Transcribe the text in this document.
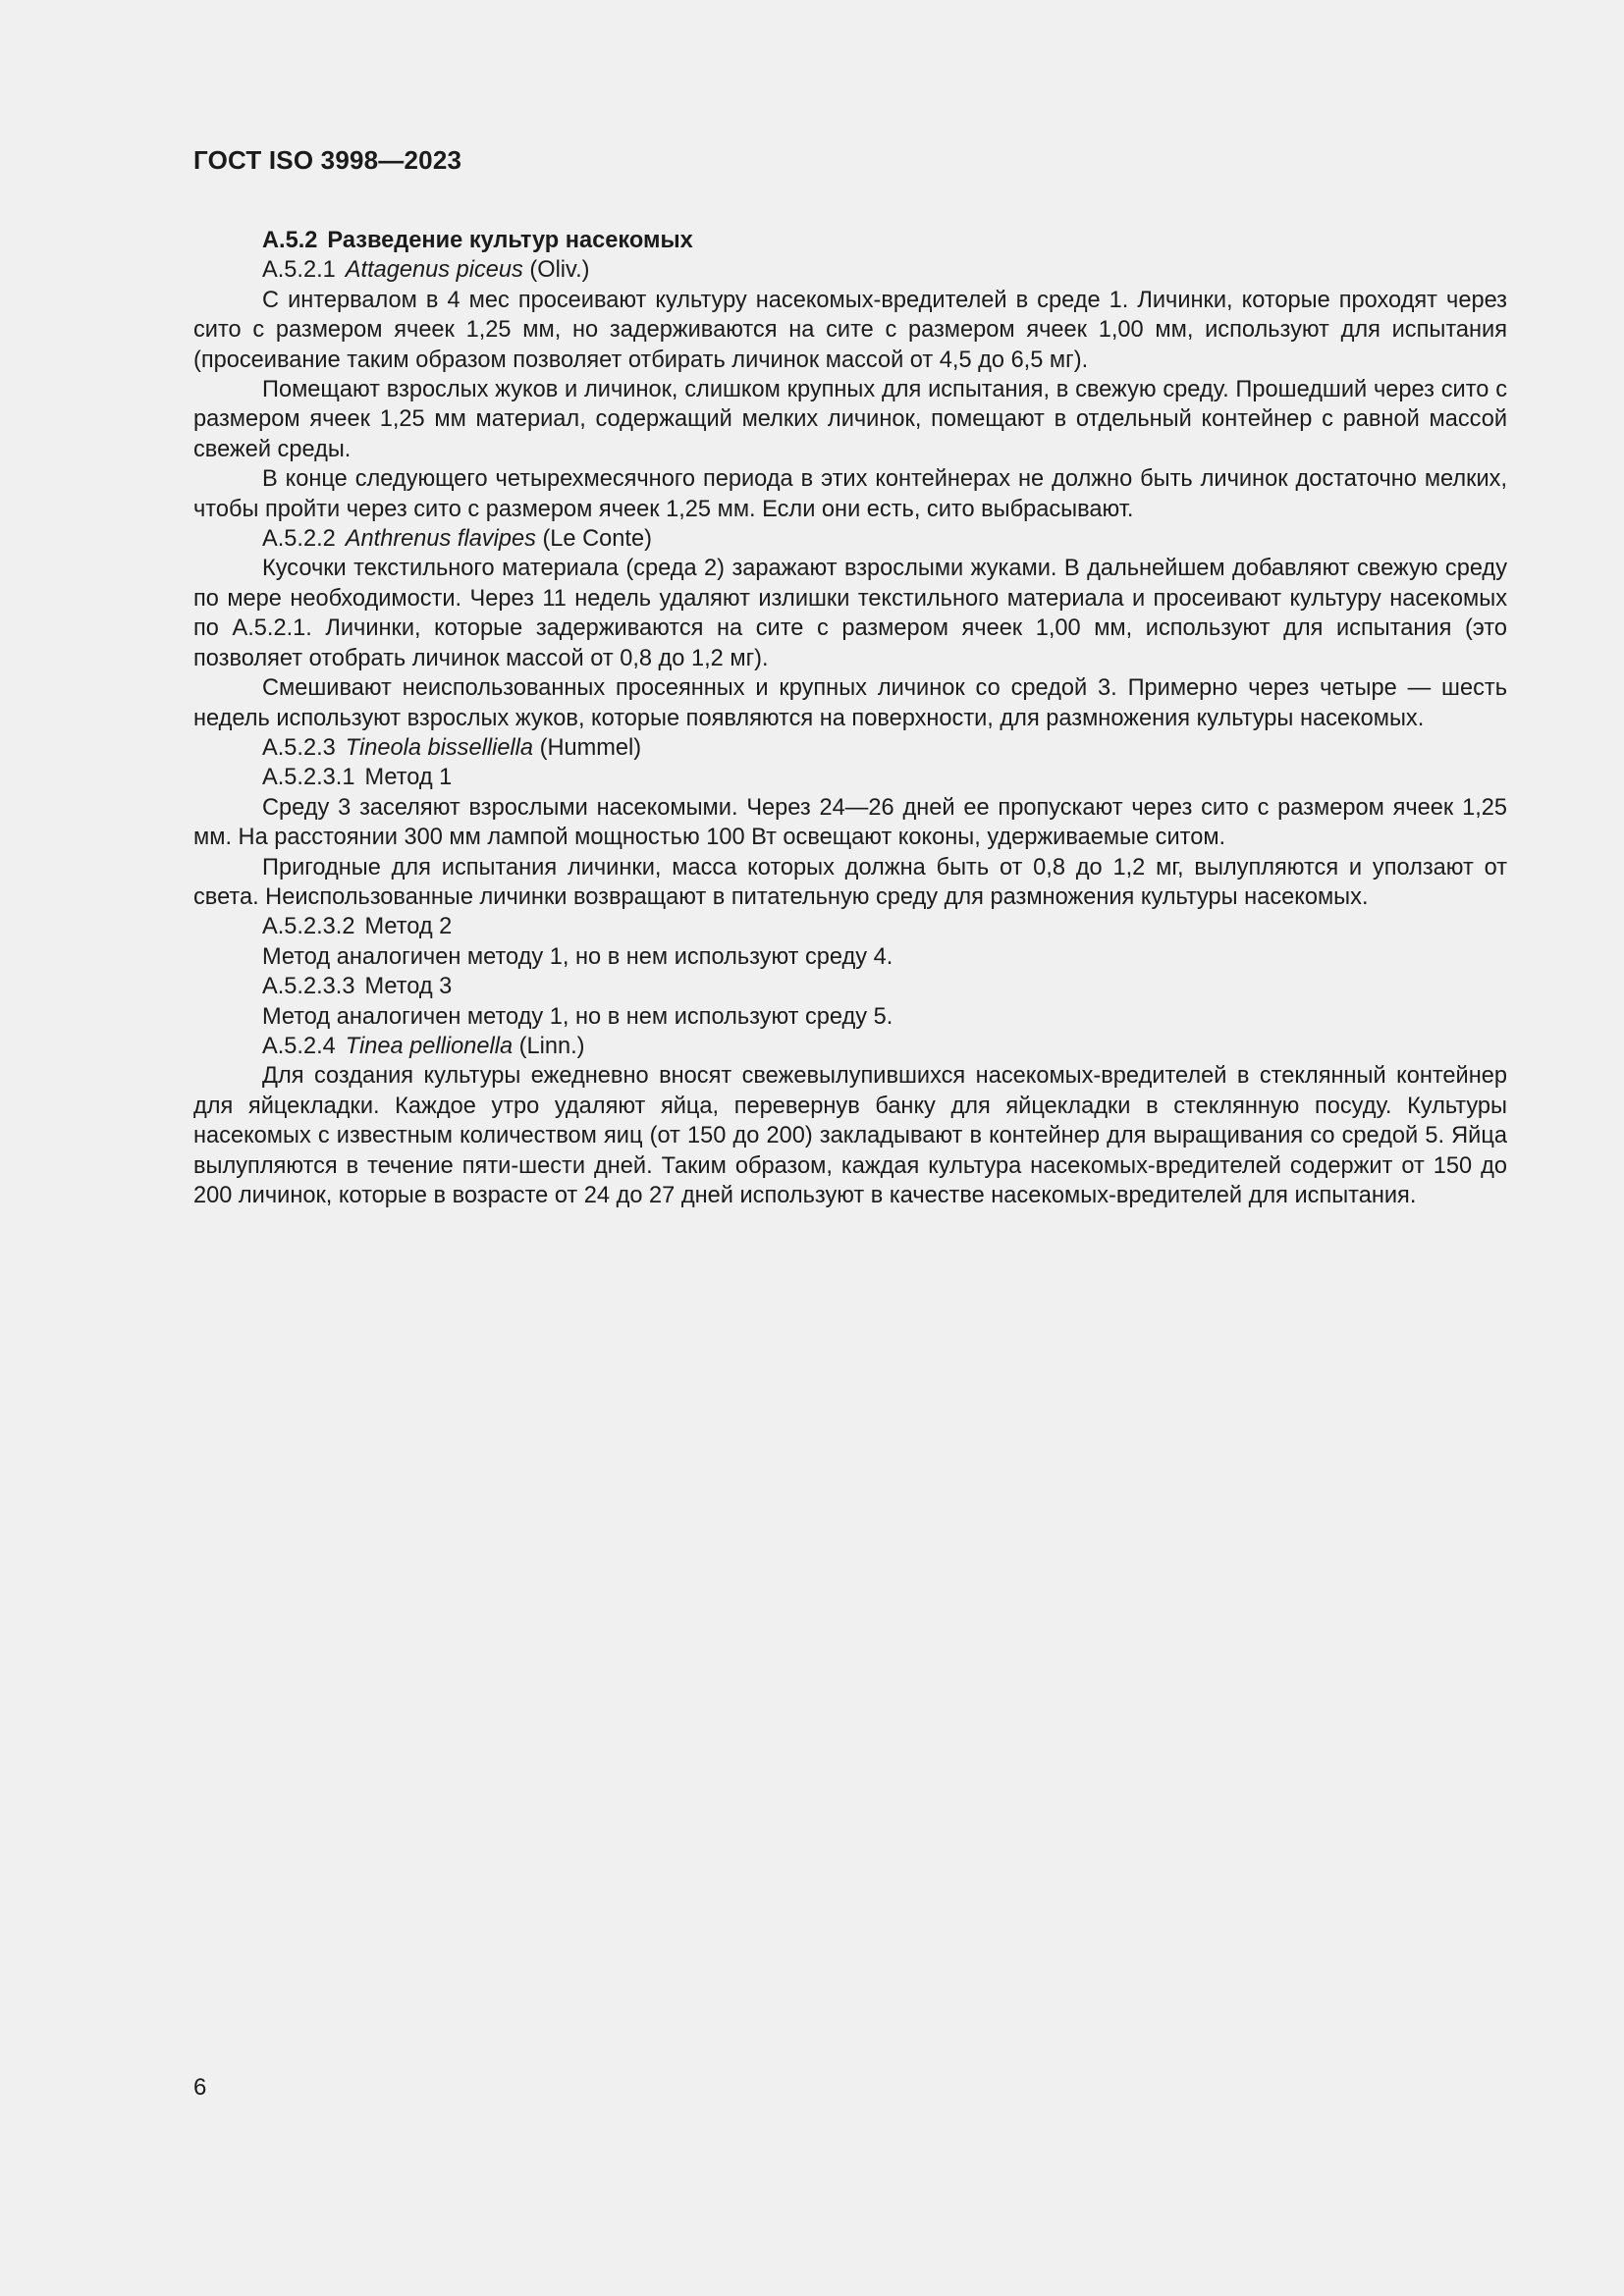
ГОСТ ISO 3998—2023

A.5.2 Разведение культур насекомых

A.5.2.1 Attagenus piceus (Oliv.)

С интервалом в 4 мес просеивают культуру насекомых-вредителей в среде 1. Личинки, которые проходят через сито с размером ячеек 1,25 мм, но задерживаются на сите с размером ячеек 1,00 мм, используют для испытания (просеивание таким образом позволяет отбирать личинок массой от 4,5 до 6,5 мг).

Помещают взрослых жуков и личинок, слишком крупных для испытания, в свежую среду. Прошедший через сито с размером ячеек 1,25 мм материал, содержащий мелких личинок, помещают в отдельный контейнер с равной массой свежей среды.

В конце следующего четырехмесячного периода в этих контейнерах не должно быть личинок достаточно мелких, чтобы пройти через сито с размером ячеек 1,25 мм. Если они есть, сито выбрасывают.

A.5.2.2 Anthrenus flavipes (Le Conte)

Кусочки текстильного материала (среда 2) заражают взрослыми жуками. В дальнейшем добавляют свежую среду по мере необходимости. Через 11 недель удаляют излишки текстильного материала и просеивают культуру насекомых по A.5.2.1. Личинки, которые задерживаются на сите с размером ячеек 1,00 мм, используют для испытания (это позволяет отобрать личинок массой от 0,8 до 1,2 мг).

Смешивают неиспользованных просеянных и крупных личинок со средой 3. Примерно через четыре — шесть недель используют взрослых жуков, которые появляются на поверхности, для размножения культуры насекомых.

A.5.2.3 Tineola bisselliella (Hummel)

A.5.2.3.1 Метод 1

Среду 3 заселяют взрослыми насекомыми. Через 24—26 дней ее пропускают через сито с размером ячеек 1,25 мм. На расстоянии 300 мм лампой мощностью 100 Вт освещают коконы, удерживаемые ситом.

Пригодные для испытания личинки, масса которых должна быть от 0,8 до 1,2 мг, вылупляются и уползают от света. Неиспользованные личинки возвращают в питательную среду для размножения культуры насекомых.

A.5.2.3.2 Метод 2

Метод аналогичен методу 1, но в нем используют среду 4.

A.5.2.3.3 Метод 3

Метод аналогичен методу 1, но в нем используют среду 5.

A.5.2.4 Tinea pellionella (Linn.)

Для создания культуры ежедневно вносят свежевылупившихся насекомых-вредителей в стеклянный контейнер для яйцекладки. Каждое утро удаляют яйца, перевернув банку для яйцекладки в стеклянную посуду. Культуры насекомых с известным количеством яиц (от 150 до 200) закладывают в контейнер для выращивания со средой 5. Яйца вылупляются в течение пяти-шести дней. Таким образом, каждая культура насекомых-вредителей содержит от 150 до 200 личинок, которые в возрасте от 24 до 27 дней используют в качестве насекомых-вредителей для испытания.

6
